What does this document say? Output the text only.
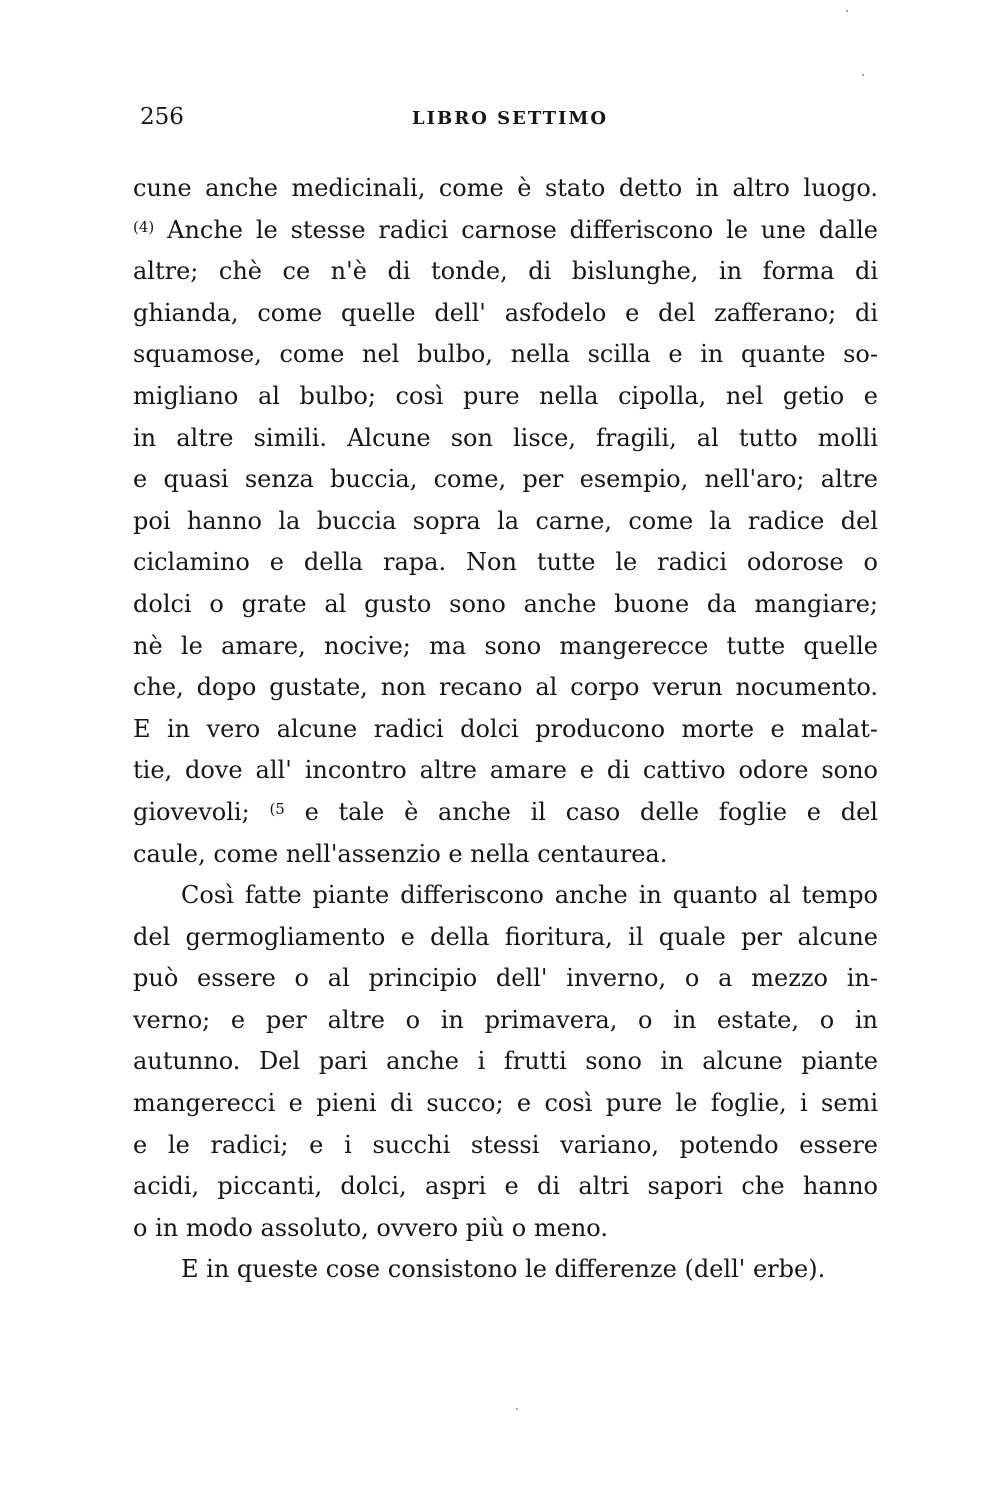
256	LIBRO SETTIMO
cune anche medicinali, come è stato detto in altro luogo.
$^{(4)}$ Anche le stesse radici carnose differiscono le une dalle
altre; chè ce n'è di tonde, di bislunghe, in forma di
ghianda, come quelle dell' asfodelo e del zafferano; di
squamose, come nel bulbo, nella scilla e in quante so-
migliano al bulbo; così pure nella cipolla, nel getio e
in altre simili. Alcune son lisce, fragili, al tutto molli
e quasi senza buccia, come, per esempio, nell'aro; altre
poi hanno la buccia sopra la carne, come la radice del
ciclamino e della rapa. Non tutte le radici odorose o
dolci o grate al gusto sono anche buone da mangiare;
nè le amare, nocive; ma sono mangerecce tutte quelle
che, dopo gustate, non recano al corpo verun nocumento.
E in vero alcune radici dolci producono morte e malat-
tie, dove all' incontro altre amare e di cattivo odore sono
giovevoli; $^{(5}$ e tale è anche il caso delle foglie e del
caule, come nell'assenzio e nella centaurea.
Così fatte piante differiscono anche in quanto al tempo
del germogliamento e della fioritura, il quale per alcune
può essere o al principio dell' inverno, o a mezzo in-
verno; e per altre o in primavera, o in estate, o in
autunno. Del pari anche i frutti sono in alcune piante
mangerecci e pieni di succo; e così pure le foglie, i semi
e le radici; e i succhi stessi variano, potendo essere
acidi, piccanti, dolci, aspri e di altri sapori che hanno
o in modo assoluto, ovvero più o meno.
E in queste cose consistono le differenze (dell' erbe).
